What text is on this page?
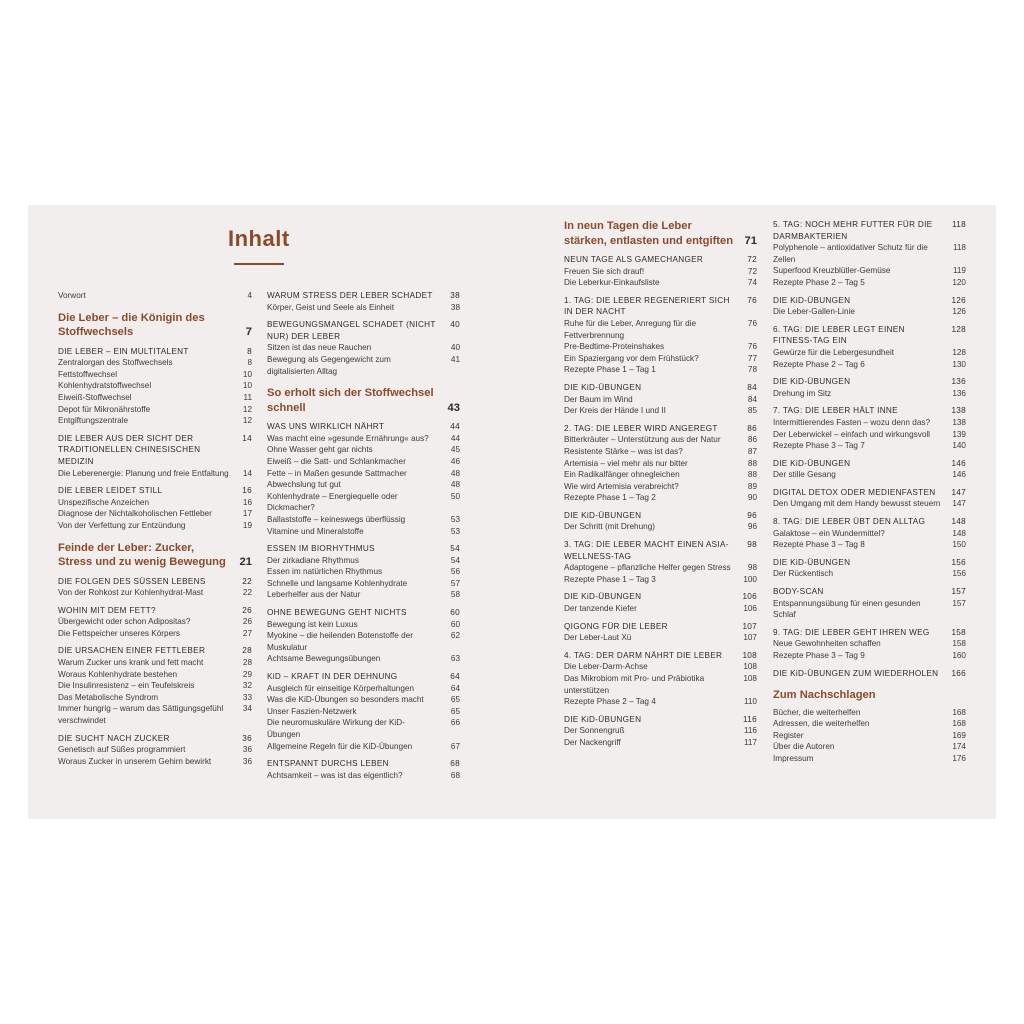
Inhalt
Vorwort	4
Die Leber – die Königin des Stoffwechsels	7
DIE LEBER – EIN MULTITALENT	8
Zentralorgan des Stoffwechsels	8
Fettstoffwechsel	10
Kohlenhydratstoffwechsel	10
Eiweiß-Stoffwechsel	11
Depot für Mikronährstoffe	12
Entgiftungszentrale	12
DIE LEBER AUS DER SICHT DER TRADITIONELLEN CHINESISCHEN MEDIZIN
14
Die Leberenergie: Planung und freie Entfaltung	14
DIE LEBER LEIDET STILL	16
Unspezifische Anzeichen	16
Diagnose der Nichtalkoholischen Fettleber	17
Von der Verfettung zur Entzündung	19
Feinde der Leber: Zucker, Stress und zu wenig Bewegung	21
DIE FOLGEN DES SÜSSEN LEBENS	22
Von der Rohkost zur Kohlenhydrat-Mast	22
WOHIN MIT DEM FETT?	26
Übergewicht oder schon Adipositas?	26
Die Fettspeicher unseres Körpers	27
DIE URSACHEN EINER FETTLEBER	28
Warum Zucker uns krank und fett macht	28
Woraus Kohlenhydrate bestehen	29
Die Insulinresistenz – ein Teufelskreis	32
Das Metabolische Syndrom	33
Immer hungrig – warum das Sättigungsgefühl verschwindet
34
DIE SUCHT NACH ZUCKER	36
Genetisch auf Süßes programmiert	36
Woraus Zucker in unserem Gehirn bewirkt	36
WARUM STRESS DER LEBER SCHADET	38
Körper, Geist und Seele als Einheit	38
BEWEGUNGSMANGEL SCHADET (NICHT NUR) DER LEBER
40
Sitzen ist das neue Rauchen	40
Bewegung als Gegengewicht zum digitalisierten Alltag
41
So erholt sich der Stoffwechsel schnell	43
WAS UNS WIRKLICH NÄHRT	44
Was macht eine »gesunde Ernährung« aus?	44
Ohne Wasser geht gar nichts	45
Eiweiß – die Satt- und Schlankmacher	46
Fette – in Maßen gesunde Sattmacher	48
Abwechslung tut gut	48
Kohlenhydrate – Energiequelle oder Dickmacher?
50
Ballaststoffe – keineswegs überflüssig	53
Vitamine und Mineralstoffe	53
ESSEN IM BIORHYTHMUS	54
Der zirkadiane Rhythmus	54
Essen im natürlichen Rhythmus	56
Schnelle und langsame Kohlenhydrate	57
Leberhelfer aus der Natur	58
OHNE BEWEGUNG GEHT NICHTS	60
Bewegung ist kein Luxus	60
Myokine – die heilenden Botenstoffe der Muskulatur
62
Achtsame Bewegungsübungen	63
KiD – KRAFT IN DER DEHNUNG	64
Ausgleich für einseitige Körperhaltungen	64
Was die KiD-Übungen so besonders macht	65
Unser Faszien-Netzwerk	65
Die neuromuskuläre Wirkung der KiD-Übungen
66
Allgemeine Regeln für die KiD-Übungen	67
ENTSPANNT DURCHS LEBEN	68
Achtsamkeit – was ist das eigentlich?	68
In neun Tagen die Leber stärken, entlasten und entgiften	71
NEUN TAGE ALS GAMECHANGER	72
Freuen Sie sich drauf!	72
Die Leberkur-Einkaufsliste	74
1. TAG: DIE LEBER REGENERIERT SICH IN DER NACHT
76
Ruhe für die Leber, Anregung für die Fettverbrennung
76
Pre-Bedtime-Proteinshakes	76
Ein Spaziergang vor dem Frühstück?	77
Rezepte Phase 1 – Tag 1	78
DIE KiD-ÜBUNGEN	84
Der Baum im Wind	84
Der Kreis der Hände I und II	85
2. TAG: DIE LEBER WIRD ANGEREGT	86
Bitterkräuter – Unterstützung aus der Natur	86
Resistente Stärke – was ist das?	87
Artemisia – viel mehr als nur bitter	88
Ein Radikalfänger ohnegleichen	88
Wie wird Artemisia verabreicht?	89
Rezepte Phase 1 – Tag 2	90
DIE KiD-ÜBUNGEN	96
Der Schritt (mit Drehung)	96
3. TAG: DIE LEBER MACHT EINEN ASIA-WELLNESS-TAG
98
Adaptogene – pflanzliche Helfer gegen Stress	98
Rezepte Phase 1 – Tag 3	100
DIE KiD-ÜBUNGEN	106
Der tanzende Kiefer	106
QIGONG FÜR DIE LEBER	107
Der Leber-Laut Xü	107
4. TAG: DER DARM NÄHRT DIE LEBER	108
Die Leber-Darm-Achse	108
Das Mikrobiom mit Pro- und Präbiotika unterstützen
108
Rezepte Phase 2 – Tag 4	110
DIE KiD-ÜBUNGEN	116
Der Sonnengruß	116
Der Nackengriff	117
5. TAG: NOCH MEHR FUTTER FÜR DIE DARMBAKTERIEN
118
Polyphenole – antioxidativer Schutz für die Zellen
118
Superfood Kreuzblütler-Gemüse	119
Rezepte Phase 2 – Tag 5	120
DIE KiD-ÜBUNGEN	126
Die Leber-Gallen-Linie	126
6. TAG: DIE LEBER LEGT EINEN FITNESS-TAG EIN
128
Gewürze für die Lebergesundheit	128
Rezepte Phase 2 – Tag 6	130
DIE KiD-ÜBUNGEN	136
Drehung im Sitz	136
7. TAG: DIE LEBER HÄLT INNE	138
Intermittierendes Fasten – wozu denn das?	138
Der Leberwickel – einfach und wirkungsvoll	139
Rezepte Phase 3 – Tag 7	140
DIE KiD-ÜBUNGEN	146
Der stille Gesang	146
DIGITAL DETOX ODER MEDIENFASTEN	147
Den Umgang mit dem Handy bewusst steuern	147
8. TAG: DIE LEBER ÜBT DEN ALLTAG	148
Galaktose – ein Wundermittel?	148
Rezepte Phase 3 – Tag 8	150
DIE KiD-ÜBUNGEN	156
Der Rückentisch	156
BODY-SCAN	157
Entspannungsübung für einen gesunden Schlaf
157
9. TAG: DIE LEBER GEHT IHREN WEG	158
Neue Gewohnheiten schaffen	158
Rezepte Phase 3 – Tag 9	160
DIE KiD-ÜBUNGEN ZUM WIEDERHOLEN	166
Zum Nachschlagen
Bücher, die weiterhelfen	168
Adressen, die weiterhelfen	168
Register	169
Über die Autoren	174
Impressum	176
